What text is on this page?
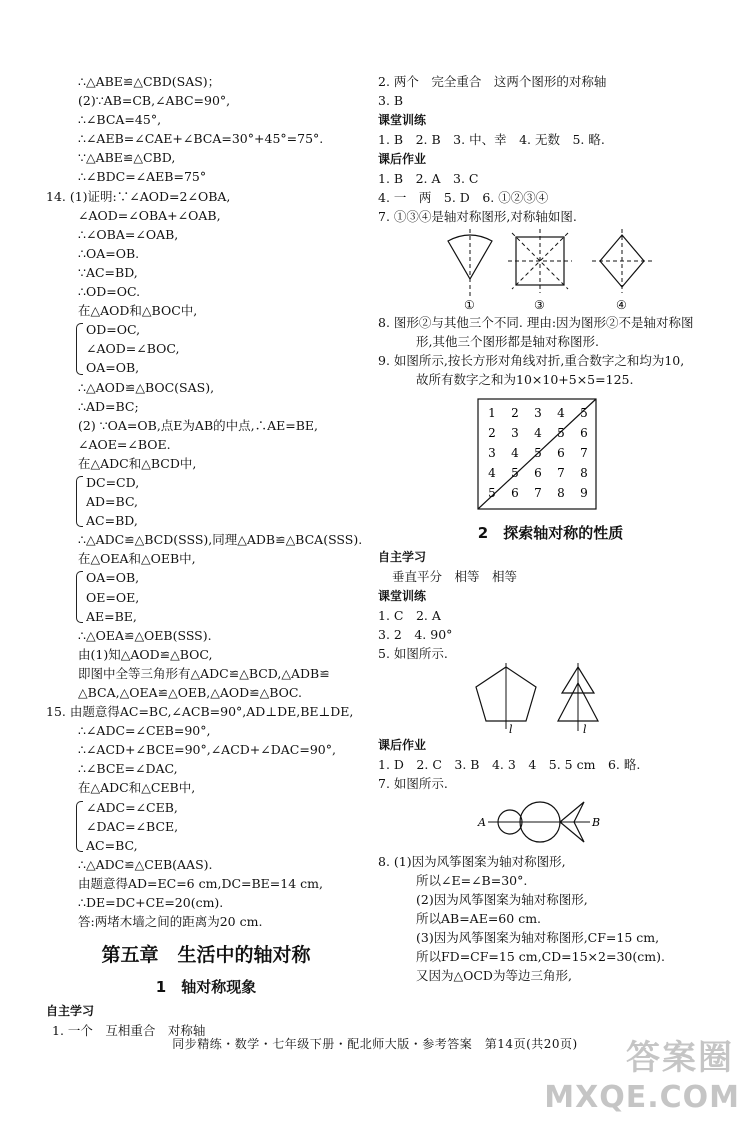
∴△ABE≌△CBD(SAS)；
(2)∵AB=CB,∠ABC=90°,
∴∠BCA=45°,
∴∠AEB=∠CAE+∠BCA=30°+45°=75°.
∵△ABE≌△CBD,
∴∠BDC=∠AEB=75°
14. (1)证明:∵∠AOD=2∠OBA,
∠AOD=∠OBA+∠OAB,
∴∠OBA=∠OAB,
∴OA=OB.
∵AC=BD,
∴OD=OC.
在△AOD和△BOC中,
OD=OC,
∠AOD=∠BOC,
OA=OB,
∴△AOD≌△BOC(SAS),
∴AD=BC;
(2) ∵OA=OB,点E为AB的中点,∴AE=BE,
∠AOE=∠BOE.
在△ADC和△BCD中,
DC=CD,
AD=BC,
AC=BD,
∴△ADC≌△BCD(SSS),同理△ADB≌△BCA(SSS).
在△OEA和△OEB中,
OA=OB,
OE=OE,
AE=BE,
∴△OEA≌△OEB(SSS).
由(1)知△AOD≌△BOC,
即图中全等三角形有△ADC≌△BCD,△ADB≌
△BCA,△OEA≌△OEB,△AOD≌△BOC.
15. 由题意得AC=BC,∠ACB=90°,AD⊥DE,BE⊥DE,
∴∠ADC=∠CEB=90°,
∴∠ACD+∠BCE=90°,∠ACD+∠DAC=90°,
∴∠BCE=∠DAC,
在△ADC和△CEB中,
∠ADC=∠CEB,
∠DAC=∠BCE,
AC=BC,
∴△ADC≌△CEB(AAS).
由题意得AD=EC=6 cm,DC=BE=14 cm,
∴DE=DC+CE=20(cm).
答:两堵木墙之间的距离为20 cm.
第五章　生活中的轴对称
1　轴对称现象
自主学习
1. 一个　互相重合　对称轴
2. 两个　完全重合　这两个图形的对称轴
3. B
课堂训练
1. B　2. B　3. 中、幸　4. 无数　5. 略.
课后作业
1. B　2. A　3. C
4. 一　两　5. D　6. ①②③④
7. ①③④是轴对称图形,对称轴如图.
①	③	④
8. 图形②与其他三个不同. 理由:因为图形②不是轴对称图
形,其他三个图形都是轴对称图形.
9. 如图所示,按长方形对角线对折,重合数字之和均为10,
故所有数字之和为10×10+5×5=125.
1 2 3 4 5
2 3 4 5 6
3 4 5 6 7
4 5 6 7 8
5 6 7 8 9
2　探索轴对称的性质
自主学习
垂直平分　相等　相等
课堂训练
1. C　2. A
3. 2　4. 90°
5. 如图所示.
l	l
课后作业
1. D　2. C　3. B　4. 3　4　5. 5 cm　6. 略.
7. 如图所示.
A	B
8. (1)因为风筝图案为轴对称图形,
所以∠E=∠B=30°.
(2)因为风筝图案为轴对称图形,
所以AB=AE=60 cm.
(3)因为风筝图案为轴对称图形,CF=15 cm,
所以FD=CF=15 cm,CD=15×2=30(cm).
又因为△OCD为等边三角形,
同步精练・数学・七年级下册・配北师大版・参考答案　第14页(共20页)	答案圈
MXQE.COM
